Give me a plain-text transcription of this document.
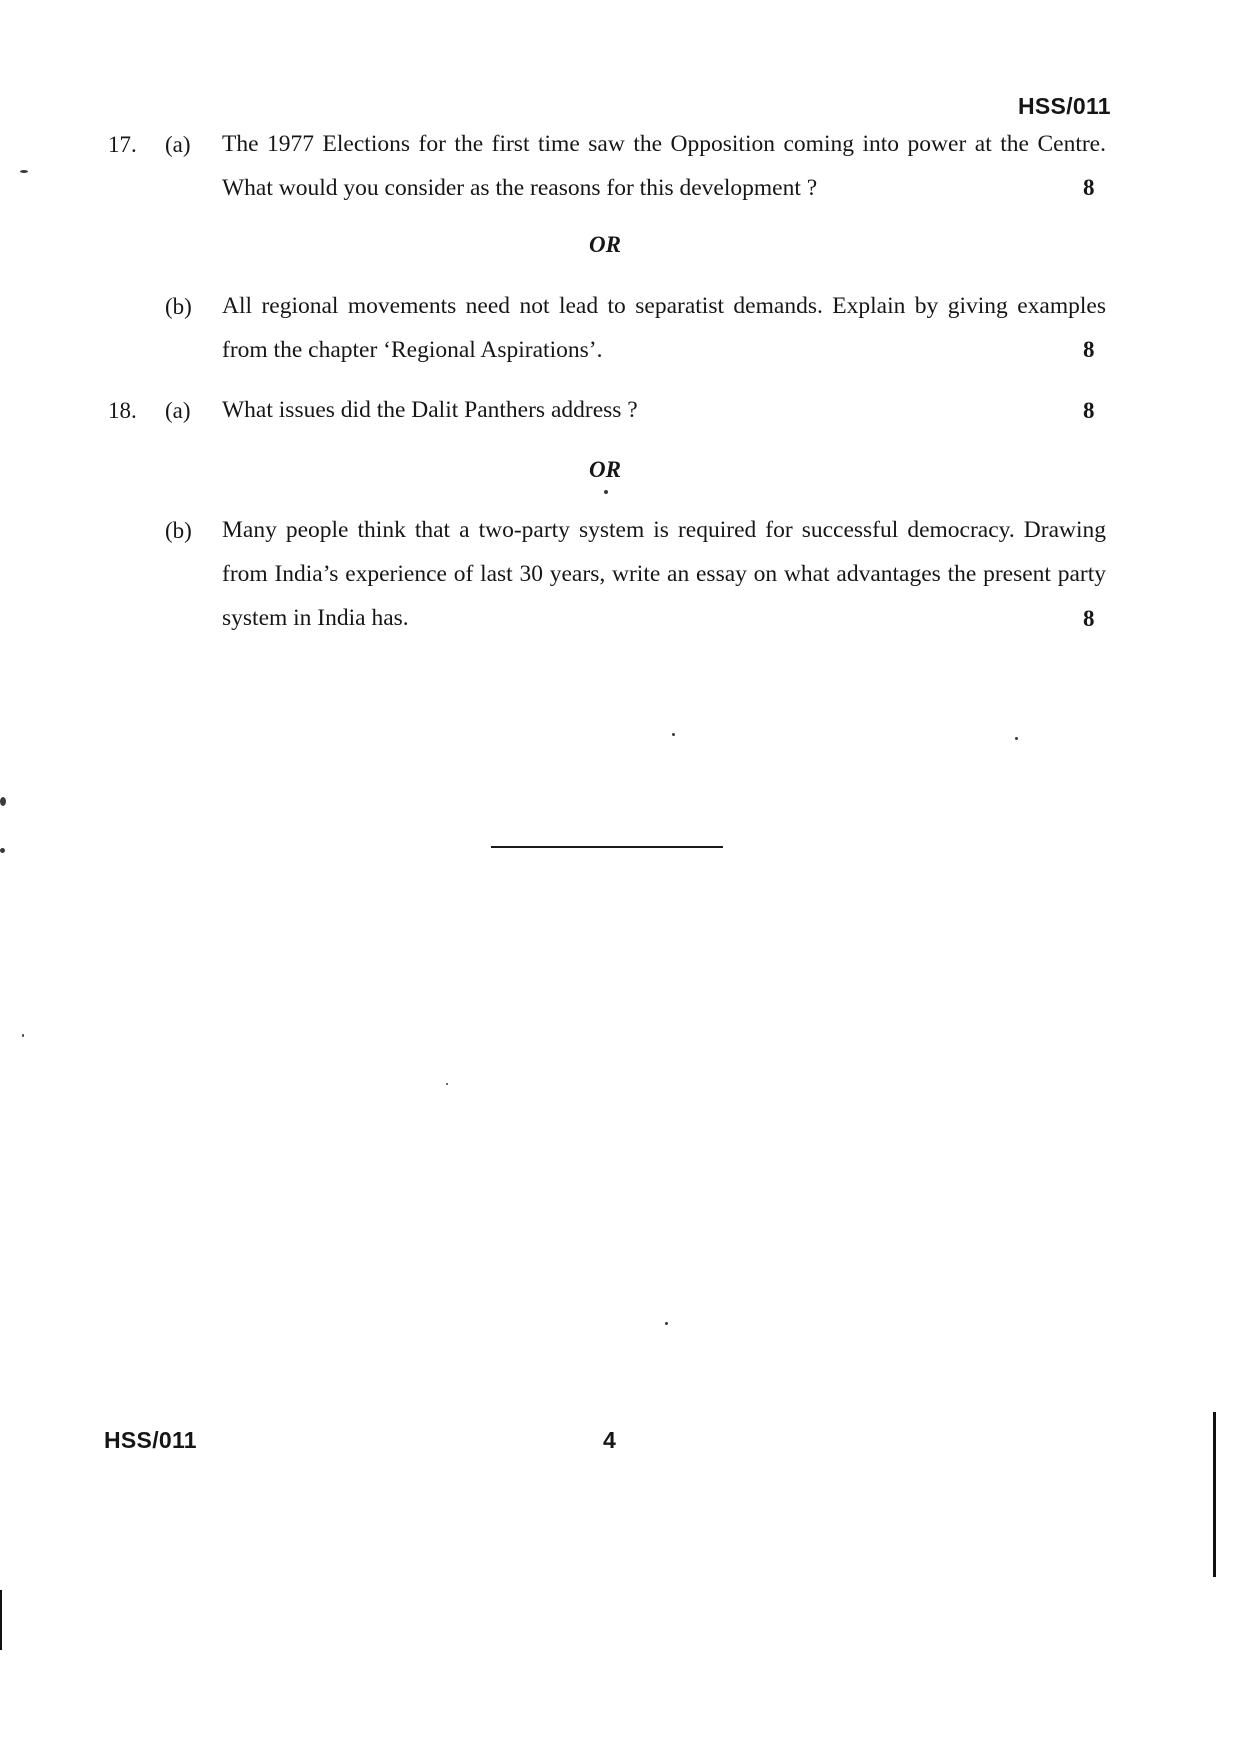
HSS/011
17. (a) The 1977 Elections for the first time saw the Opposition coming into power at the Centre. What would you consider as the reasons for this development ?	8
OR
(b) All regional movements need not lead to separatist demands. Explain by giving examples from the chapter ‘Regional Aspirations’.	8
18. (a) What issues did the Dalit Panthers address ?	8
OR
(b) Many people think that a two-party system is required for successful democracy. Drawing from India’s experience of last 30 years, write an essay on what advantages the present party system in India has.	8
HSS/011	4
